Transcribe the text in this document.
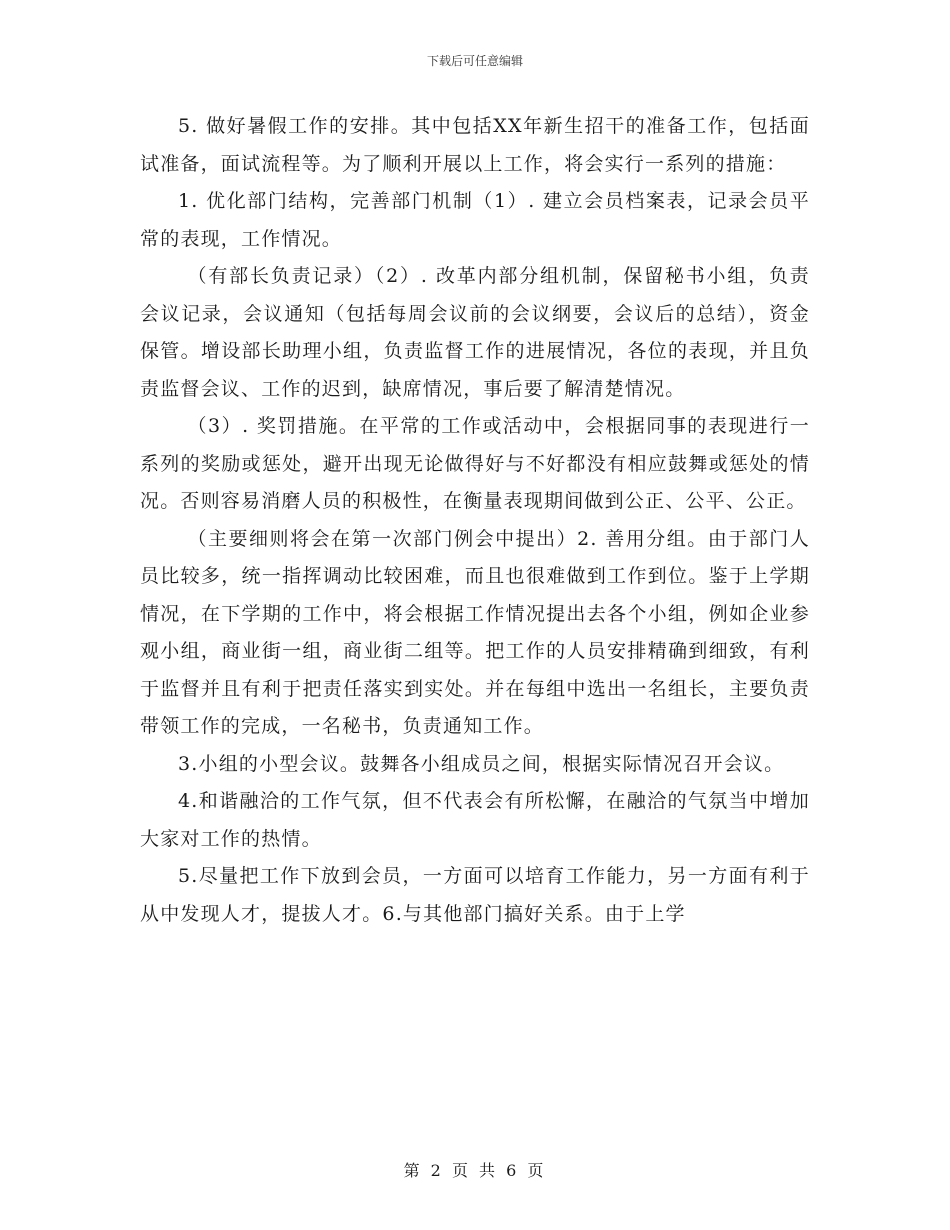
下载后可任意编辑

5. 做好暑假工作的安排。其中包括XX年新生招干的准备工作，包括面试准备，面试流程等。为了顺利开展以上工作，将会实行一系列的措施：

1. 优化部门结构，完善部门机制（1）. 建立会员档案表，记录会员平常的表现，工作情况。

（有部长负责记录）（2）. 改革内部分组机制，保留秘书小组，负责会议记录，会议通知（包括每周会议前的会议纲要，会议后的总结），资金保管。增设部长助理小组，负责监督工作的进展情况，各位的表现，并且负责监督会议、工作的迟到，缺席情况，事后要了解清楚情况。

（3）. 奖罚措施。在平常的工作或活动中，会根据同事的表现进行一系列的奖励或惩处，避开出现无论做得好与不好都没有相应鼓舞或惩处的情况。否则容易消磨人员的积极性，在衡量表现期间做到公正、公平、公正。

（主要细则将会在第一次部门例会中提出）2. 善用分组。由于部门人员比较多，统一指挥调动比较困难，而且也很难做到工作到位。鉴于上学期情况，在下学期的工作中，将会根据工作情况提出去各个小组，例如企业参观小组，商业街一组，商业街二组等。把工作的人员安排精确到细致，有利于监督并且有利于把责任落实到实处。并在每组中选出一名组长，主要负责带领工作的完成，一名秘书，负责通知工作。

3.小组的小型会议。鼓舞各小组成员之间，根据实际情况召开会议。

4.和谐融洽的工作气氛，但不代表会有所松懈，在融洽的气氛当中增加大家对工作的热情。

5.尽量把工作下放到会员，一方面可以培育工作能力，另一方面有利于从中发现人才，提拔人才。6.与其他部门搞好关系。由于上学

第 2 页 共 6 页
